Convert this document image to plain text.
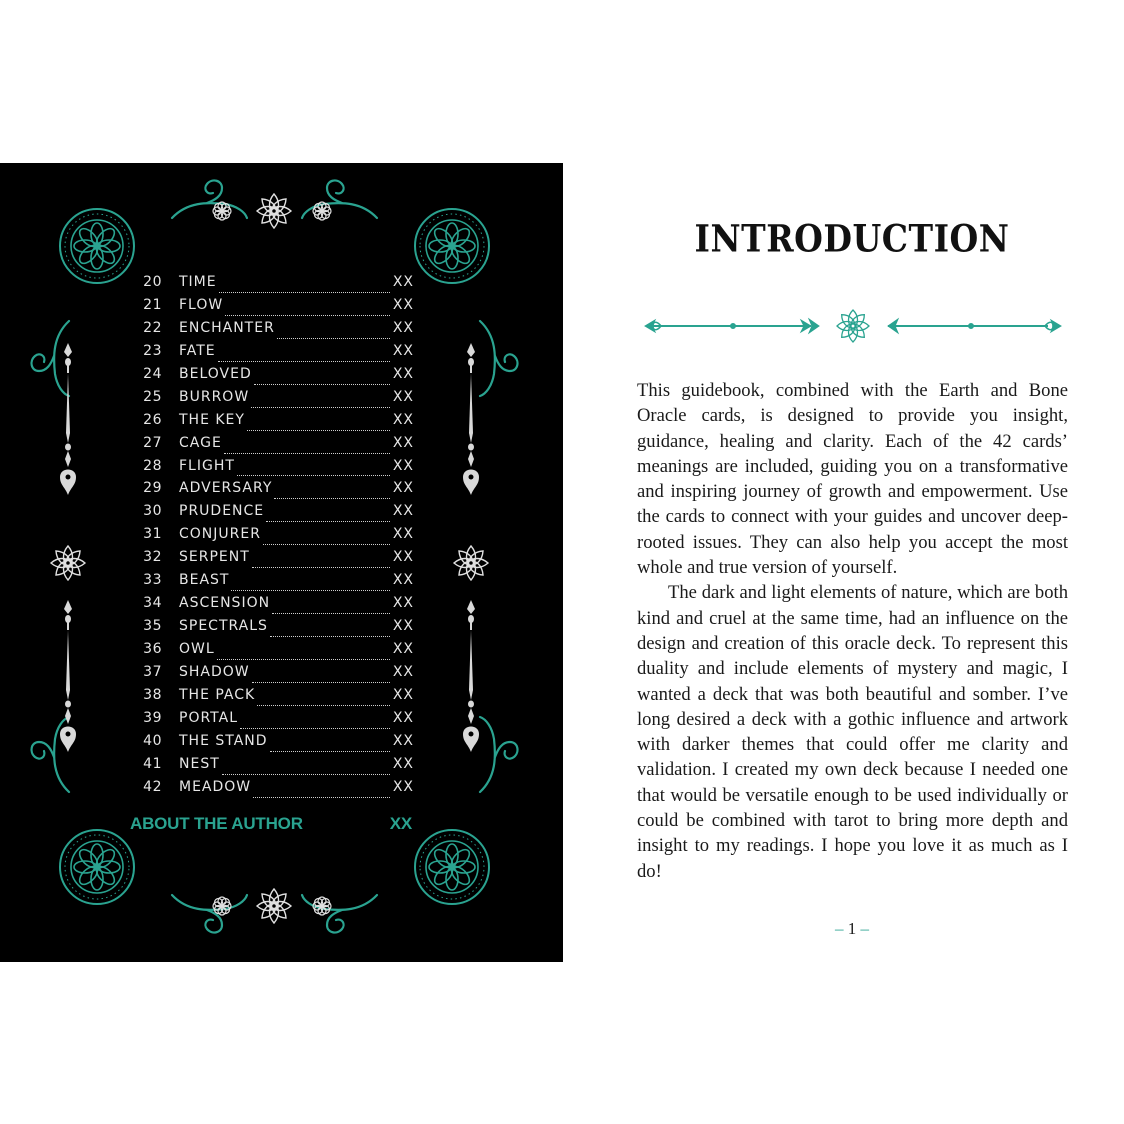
20 TIME	XX
21 FLOW	XX
22 ENCHANTER	XX
23 FATE	XX
24 BELOVED	XX
25 BURROW	XX
26 THE KEY	XX
27 CAGE	XX
28 FLIGHT	XX
29 ADVERSARY	XX
30 PRUDENCE	XX
31 CONJURER	XX
32 SERPENT	XX
33 BEAST	XX
34 ASCENSION	XX
35 SPECTRALS	XX
36 OWL	XX
37 SHADOW	XX
38 THE PACK	XX
39 PORTAL	XX
40 THE STAND	XX
41 NEST	XX
42 MEADOW	XX
ABOUT THE AUTHOR	XX
INTRODUCTION

This guidebook, combined with the Earth and Bone Oracle cards, is designed to provide you insight, guidance, healing and clarity. Each of the 42 cards’ meanings are included, guiding you on a transformative and inspiring journey of growth and empowerment. Use the cards to connect with your guides and uncover deep-rooted issues. They can also help you accept the most whole and true version of yourself.

The dark and light elements of nature, which are both kind and cruel at the same time, had an influence on the design and creation of this oracle deck. To represent this duality and include elements of mystery and magic, I wanted a deck that was both beautiful and somber. I’ve long desired a deck with a gothic influence and artwork with darker themes that could offer me clarity and validation. I created my own deck because I needed one that would be versatile enough to be used individually or could be combined with tarot to bring more depth and insight to my readings. I hope you love it as much as I do!

– 1 –
